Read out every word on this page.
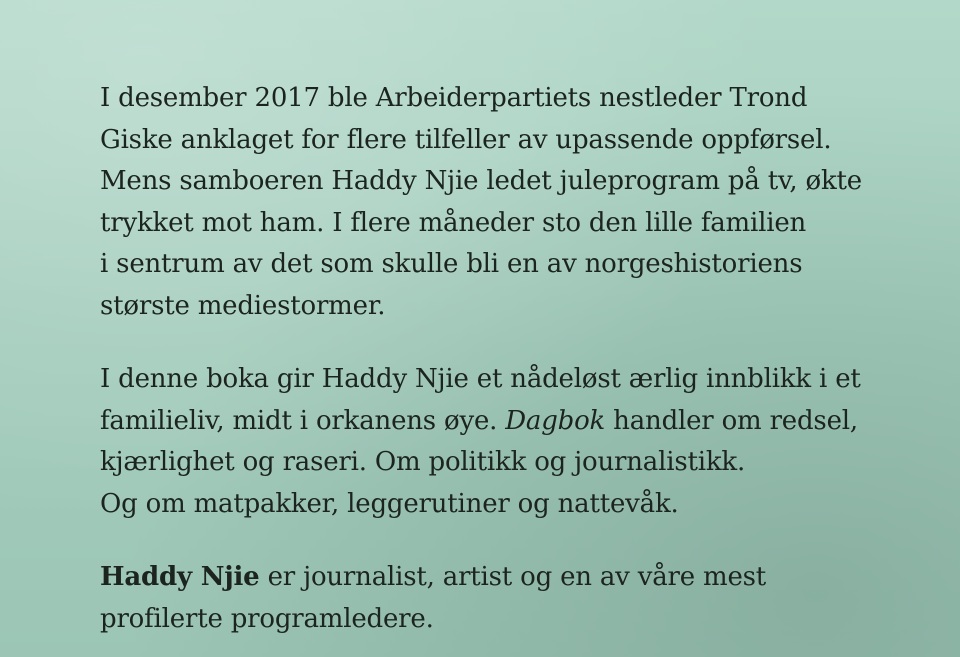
I desember 2017 ble Arbeiderpartiets nestleder Trond
Giske anklaget for flere tilfeller av upassende oppførsel.
Mens samboeren Haddy Njie ledet juleprogram på tv, økte
trykket mot ham. I flere måneder sto den lille familien
i sentrum av det som skulle bli en av norgeshistoriens
største mediestormer.

I denne boka gir Haddy Njie et nådeløst ærlig innblikk i et
familieliv, midt i orkanens øye. Dagbok handler om redsel,
kjærlighet og raseri. Om politikk og journalistikk.
Og om matpakker, leggerutiner og nattevåk.

Haddy Njie er journalist, artist og en av våre mest
profilerte programledere.
